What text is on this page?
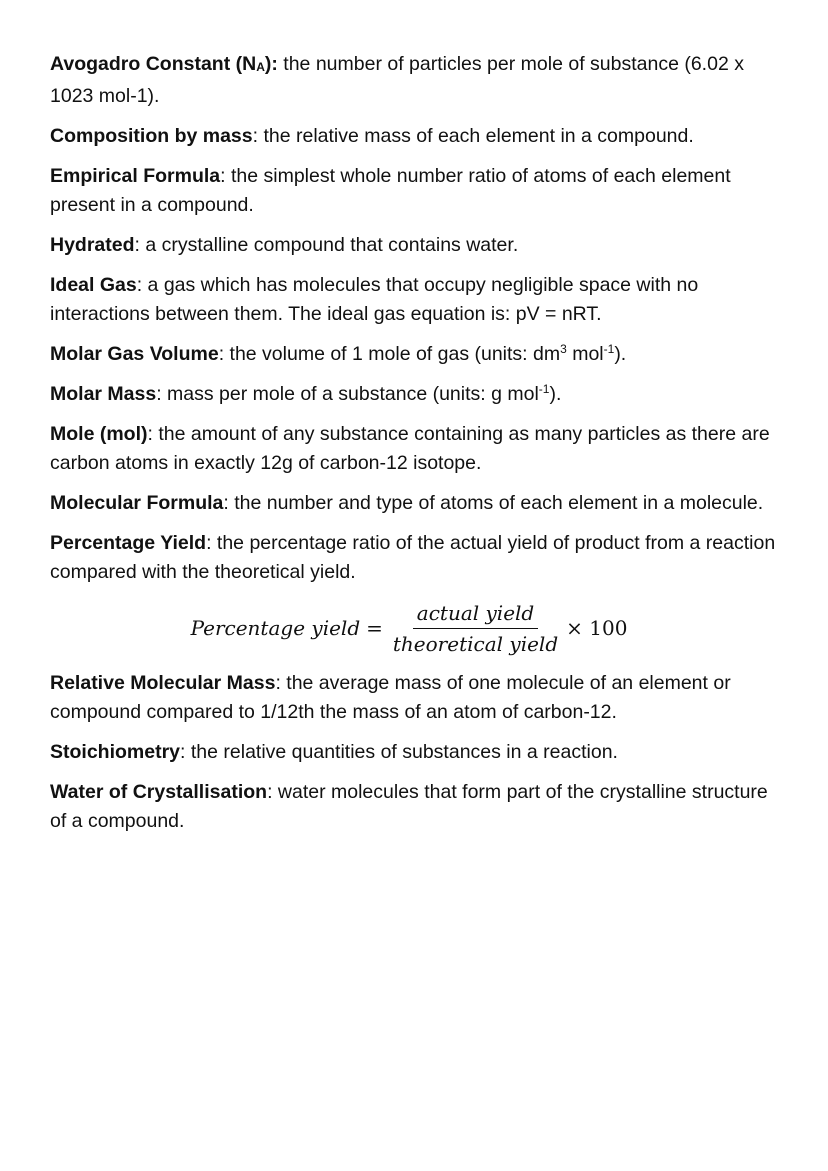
Avogadro Constant (NA): the number of particles per mole of substance (6.02 x 1023 mol-1).

Composition by mass: the relative mass of each element in a compound.

Empirical Formula: the simplest whole number ratio of atoms of each element present in a compound.

Hydrated: a crystalline compound that contains water.

Ideal Gas: a gas which has molecules that occupy negligible space with no interactions between them. The ideal gas equation is: pV = nRT.

Molar Gas Volume: the volume of 1 mole of gas (units: $dm^3$ mol$^{-1}$).

Molar Mass: mass per mole of a substance (units: g mol$^{-1}$).

Mole (mol): the amount of any substance containing as many particles as there are carbon atoms in exactly 12g of carbon-12 isotope.

Molecular Formula: the number and type of atoms of each element in a molecule.

Percentage Yield: the percentage ratio of the actual yield of product from a reaction compared with the theoretical yield.

Percentage yield = $\frac{\text{actual yield}}{\text{theoretical yield}} \times 100$

Relative Molecular Mass: the average mass of one molecule of an element or compound compared to 1/12th the mass of an atom of carbon-12.

Stoichiometry: the relative quantities of substances in a reaction.

Water of Crystallisation: water molecules that form part of the crystalline structure of a compound.
